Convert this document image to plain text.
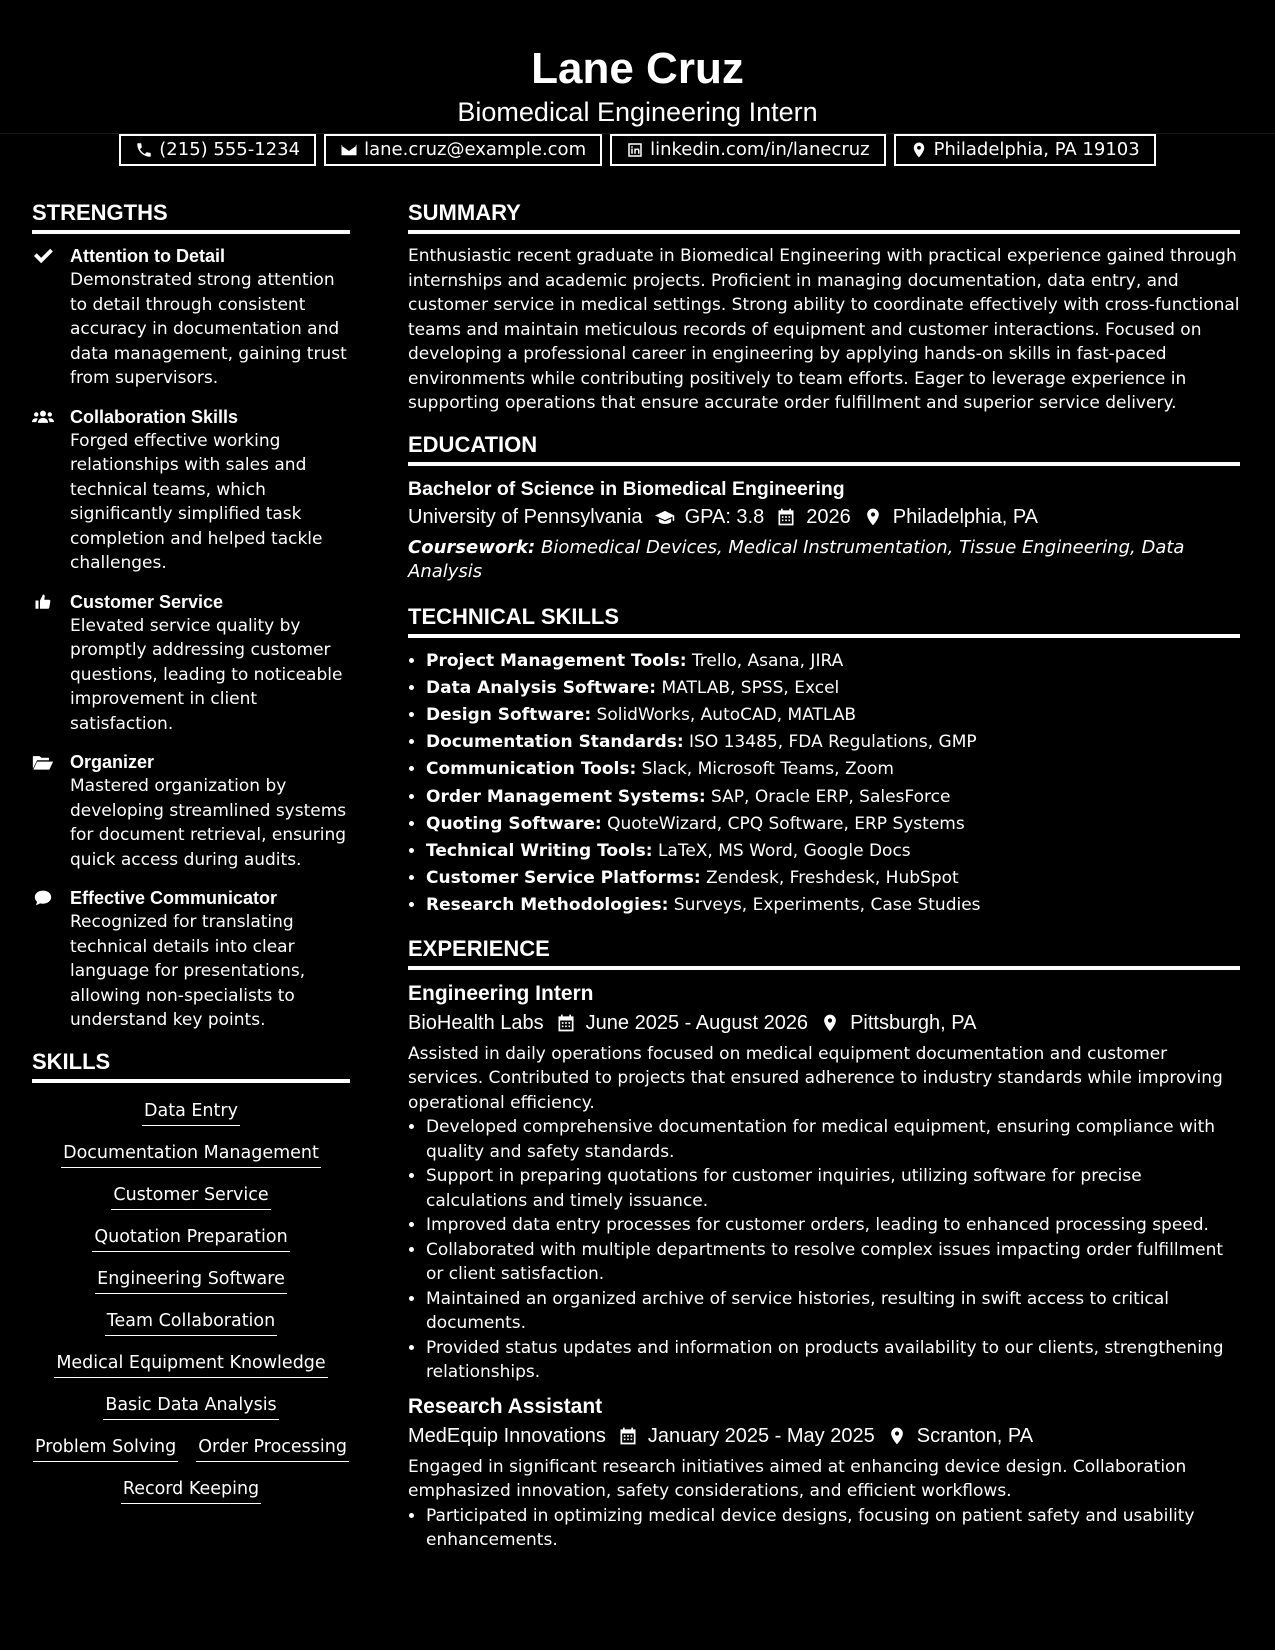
Lane Cruz
Biomedical Engineering Intern
(215) 555-1234	lane.cruz@example.com	linkedin.com/in/lanecruz	Philadelphia, PA 19103
STRENGTHS
Attention to Detail
Demonstrated strong attention to detail through consistent accuracy in documentation and data management, gaining trust from supervisors.
Collaboration Skills
Forged effective working relationships with sales and technical teams, which significantly simplified task completion and helped tackle challenges.
Customer Service
Elevated service quality by promptly addressing customer questions, leading to noticeable improvement in client satisfaction.
Organizer
Mastered organization by developing streamlined systems for document retrieval, ensuring quick access during audits.
Effective Communicator
Recognized for translating technical details into clear language for presentations, allowing non-specialists to understand key points.
SKILLS
Data Entry
Documentation Management
Customer Service
Quotation Preparation
Engineering Software
Team Collaboration
Medical Equipment Knowledge
Basic Data Analysis
Problem Solving Order Processing
Record Keeping
SUMMARY

Enthusiastic recent graduate in Biomedical Engineering with practical experience gained through internships and academic projects. Proficient in managing documentation, data entry, and customer service in medical settings. Strong ability to coordinate effectively with cross-functional teams and maintain meticulous records of equipment and customer interactions. Focused on developing a professional career in engineering by applying hands-on skills in fast-paced environments while contributing positively to team efforts. Eager to leverage experience in supporting operations that ensure accurate order fulfillment and superior service delivery.

EDUCATION
Bachelor of Science in Biomedical Engineering
University of Pennsylvania GPA: 3.8 2026 Philadelphia, PA
Coursework: Biomedical Devices, Medical Instrumentation, Tissue Engineering, Data Analysis
TECHNICAL SKILLS
• Project Management Tools: Trello, Asana, JIRA
• Data Analysis Software: MATLAB, SPSS, Excel
• Design Software: SolidWorks, AutoCAD, MATLAB
• Documentation Standards: ISO 13485, FDA Regulations, GMP
• Communication Tools: Slack, Microsoft Teams, Zoom
• Order Management Systems: SAP, Oracle ERP, SalesForce
• Quoting Software: QuoteWizard, CPQ Software, ERP Systems
• Technical Writing Tools: LaTeX, MS Word, Google Docs
• Customer Service Platforms: Zendesk, Freshdesk, HubSpot
• Research Methodologies: Surveys, Experiments, Case Studies
EXPERIENCE
Engineering Intern
BioHealth Labs June 2025 - August 2026 Pittsburgh, PA

Assisted in daily operations focused on medical equipment documentation and customer services. Contributed to projects that ensured adherence to industry standards while improving operational efficiency.

• Developed comprehensive documentation for medical equipment, ensuring compliance with quality and safety standards.
• Support in preparing quotations for customer inquiries, utilizing software for precise calculations and timely issuance.
• Improved data entry processes for customer orders, leading to enhanced processing speed.
• Collaborated with multiple departments to resolve complex issues impacting order fulfillment or client satisfaction.
• Maintained an organized archive of service histories, resulting in swift access to critical documents.
• Provided status updates and information on products availability to our clients, strengthening relationships.
Research Assistant
MedEquip Innovations January 2025 - May 2025 Scranton, PA

Engaged in significant research initiatives aimed at enhancing device design. Collaboration emphasized innovation, safety considerations, and efficient workflows.

• Participated in optimizing medical device designs, focusing on patient safety and usability enhancements.
